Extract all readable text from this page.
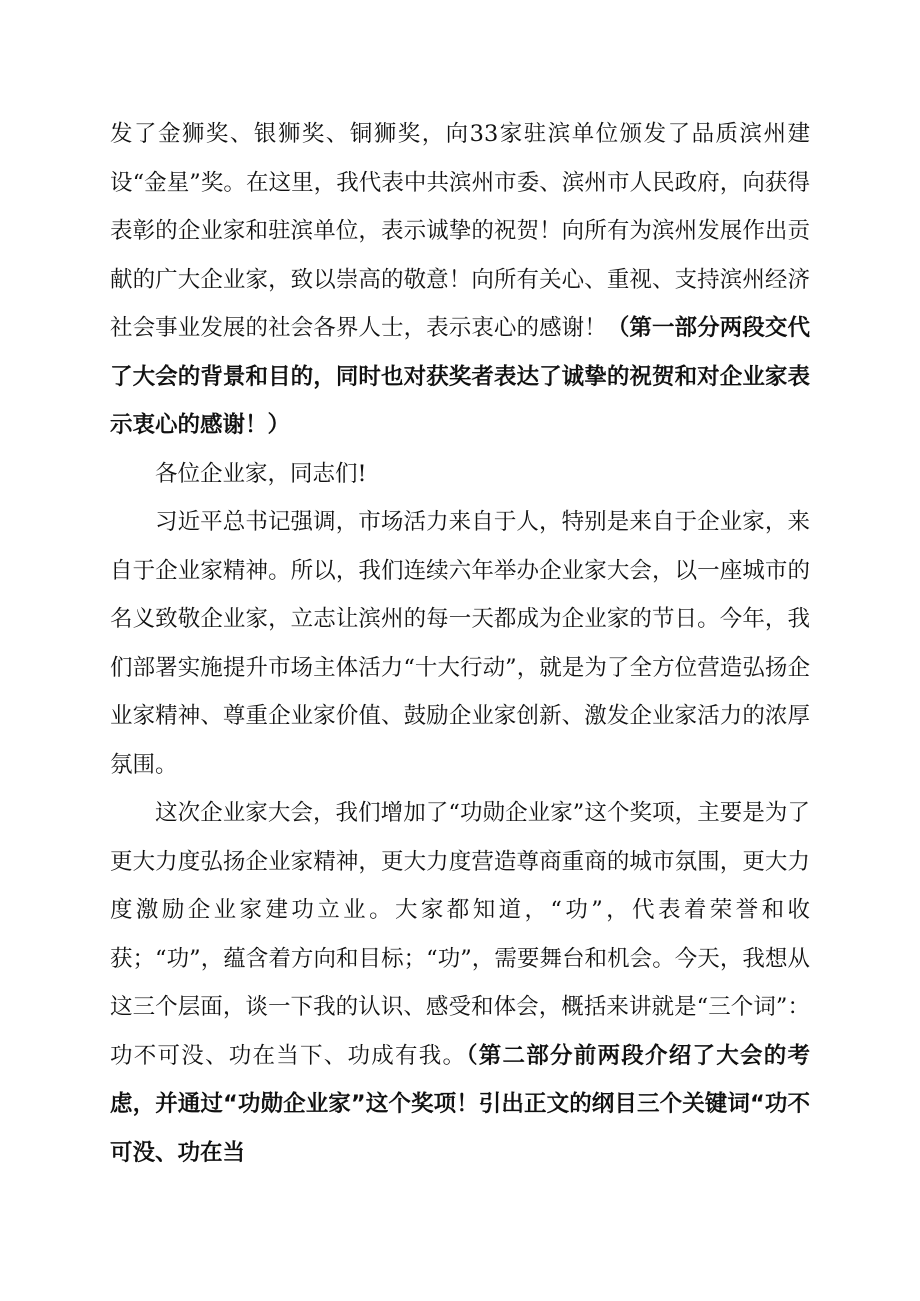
发了金狮奖、银狮奖、铜狮奖，向33家驻滨单位颁发了品质滨州建设“金星”奖。在这里，我代表中共滨州市委、滨州市人民政府，向获得表彰的企业家和驻滨单位，表示诚挚的祝贺！向所有为滨州发展作出贡献的广大企业家，致以崇高的敬意！向所有关心、重视、支持滨州经济社会事业发展的社会各界人士，表示衷心的感谢！（第一部分两段交代了大会的背景和目的，同时也对获奖者表达了诚挚的祝贺和对企业家表示衷心的感谢！）

各位企业家，同志们!

习近平总书记强调，市场活力来自于人，特别是来自于企业家，来自于企业家精神。所以，我们连续六年举办企业家大会，以一座城市的名义致敬企业家，立志让滨州的每一天都成为企业家的节日。今年，我们部署实施提升市场主体活力“十大行动”，就是为了全方位营造弘扬企业家精神、尊重企业家价值、鼓励企业家创新、激发企业家活力的浓厚氛围。

这次企业家大会，我们增加了“功勋企业家”这个奖项，主要是为了更大力度弘扬企业家精神，更大力度营造尊商重商的城市氛围，更大力度激励企业家建功立业。大家都知道，“功”，代表着荣誉和收获；“功”，蕴含着方向和目标；“功”，需要舞台和机会。今天，我想从这三个层面，谈一下我的认识、感受和体会，概括来讲就是“三个词”：功不可没、功在当下、功成有我。（第二部分前两段介绍了大会的考虑，并通过“功勋企业家”这个奖项！引出正文的纲目三个关键词“功不可没、功在当
